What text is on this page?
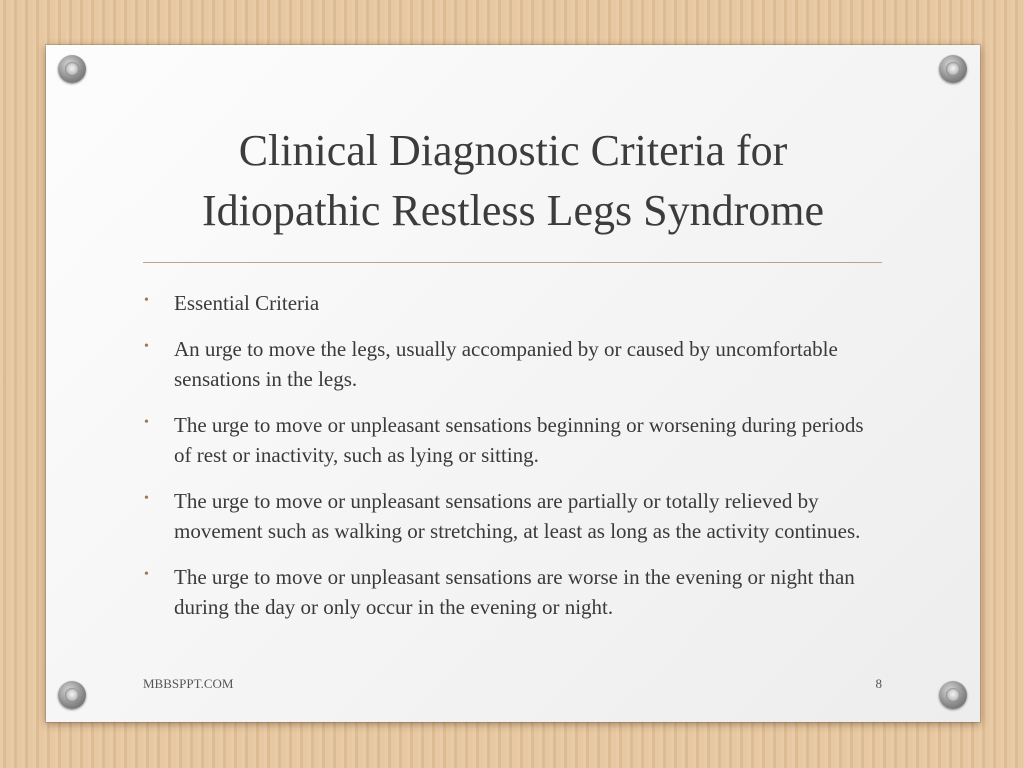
Clinical Diagnostic Criteria for
Idiopathic Restless Legs Syndrome
• Essential Criteria
• An urge to move the legs, usually accompanied by or caused by uncomfortable sensations in the legs.
• The urge to move or unpleasant sensations beginning or worsening during periods of rest or inactivity, such as lying or sitting.
• The urge to move or unpleasant sensations are partially or totally relieved by movement such as walking or stretching, at least as long as the activity continues.
• The urge to move or unpleasant sensations are worse in the evening or night than during the day or only occur in the evening or night.
MBBSPPT.COM	8
